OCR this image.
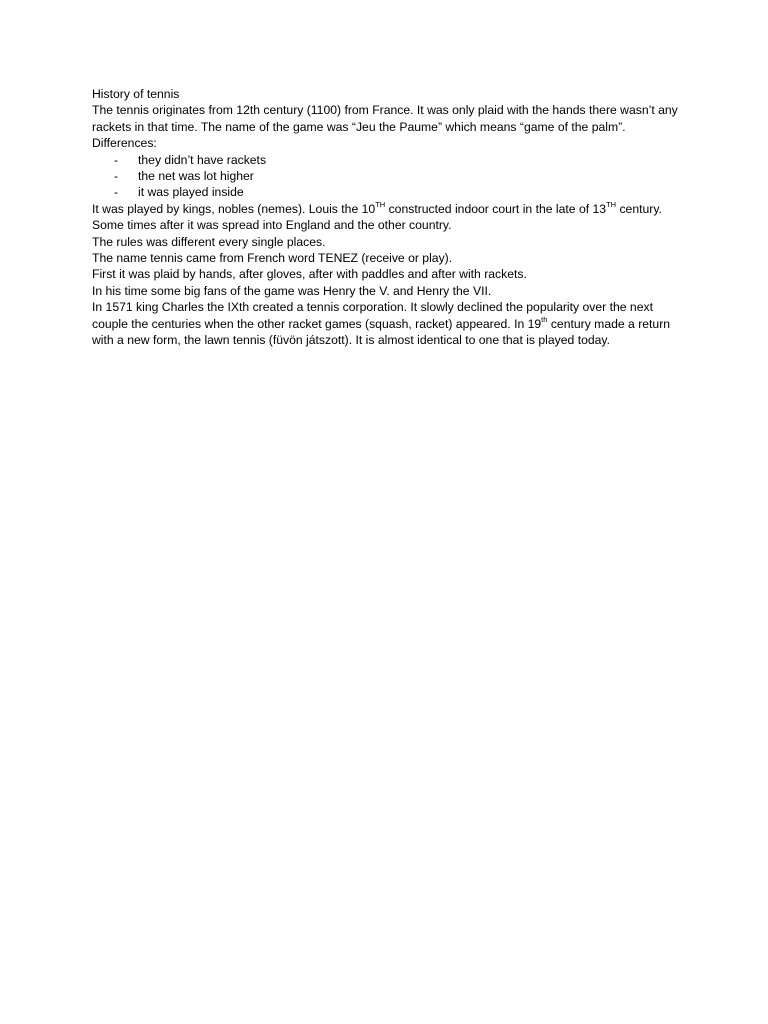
History of tennis
The tennis originates from 12th century (1100) from France. It was only plaid with the hands there wasn’t any rackets in that time. The name of the game was “Jeu the Paume” which means “game of the palm”.
Differences:
- they didn’t have rackets
- the net was lot higher
- it was played inside
It was played by kings, nobles (nemes). Louis the 10TH constructed indoor court in the late of 13TH century.
Some times after it was spread into England and the other country.
The rules was different every single places.
The name tennis came from French word TENEZ (receive or play).
First it was plaid by hands, after gloves, after with paddles and after with rackets.
In his time some big fans of the game was Henry the V. and Henry the VII.
In 1571 king Charles the IXth created a tennis corporation. It slowly declined the popularity over the next couple the centuries when the other racket games (squash, racket) appeared. In 19th century made a return with a new form, the lawn tennis (füvön játszott). It is almost identical to one that is played today.
